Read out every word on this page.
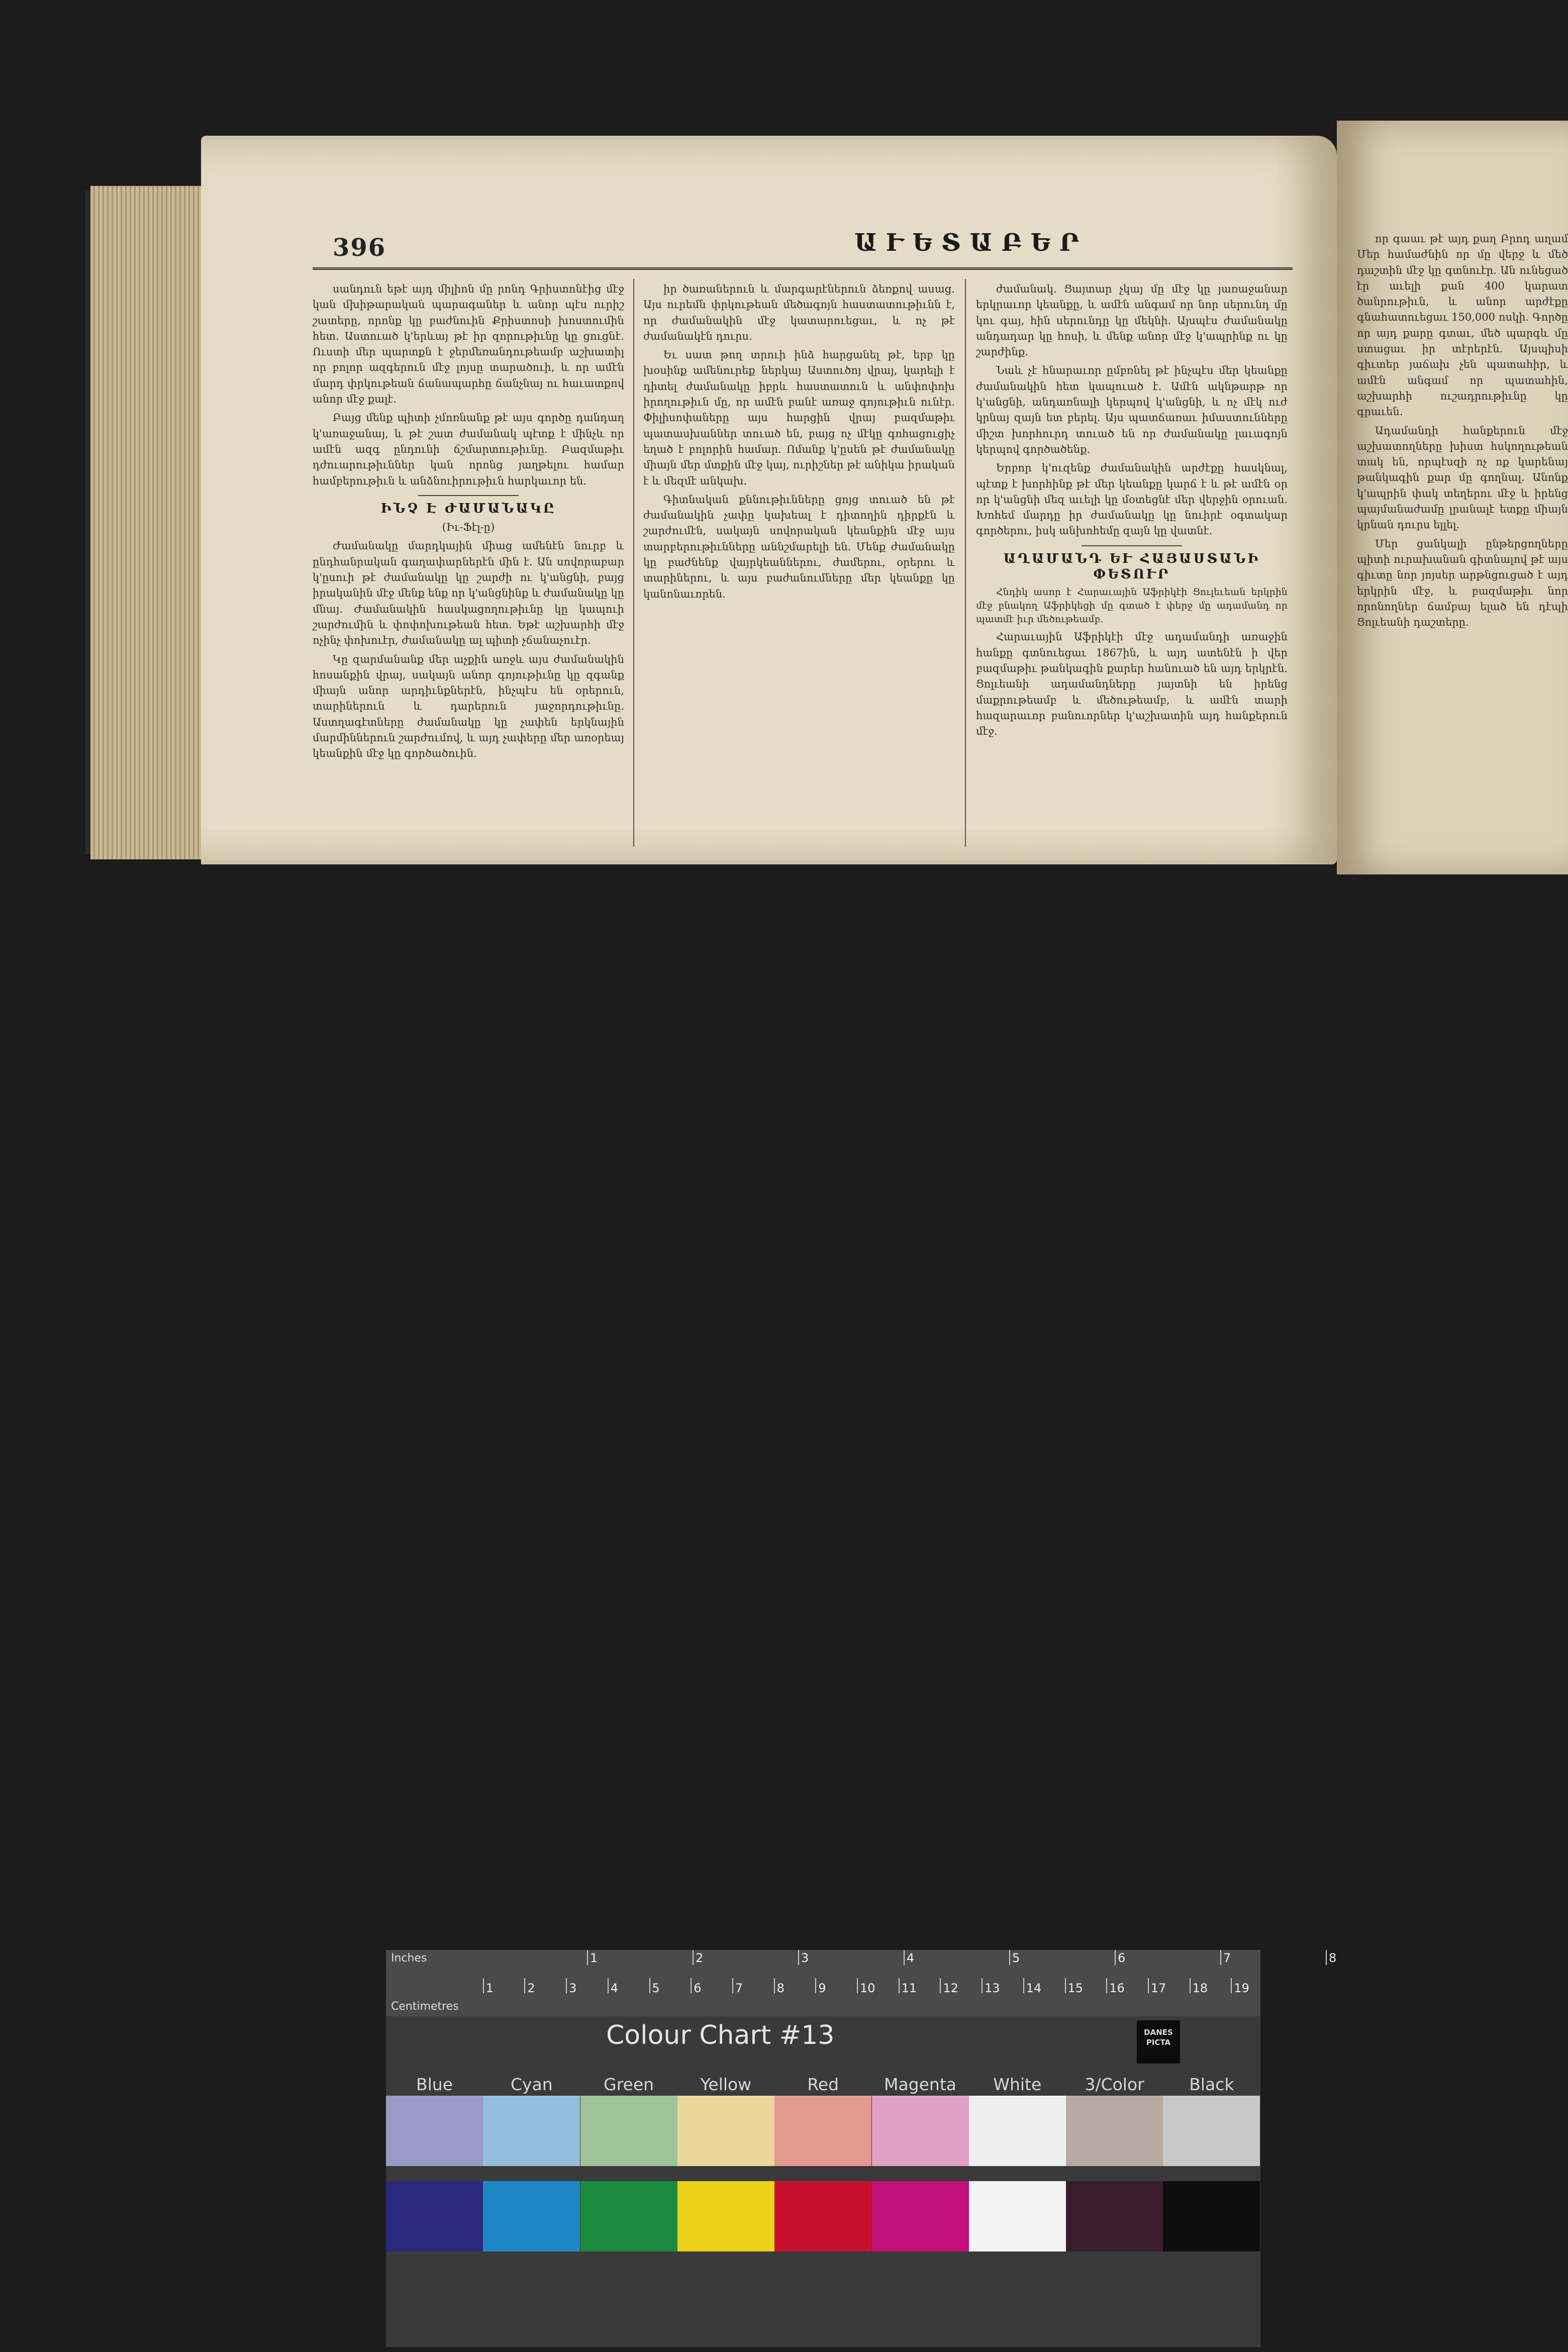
396	ԱՒԵՏԱԲԵՐ

սանդուն եթէ այդ միլիոն մը րոնդ Գրիստոնէից մէջ կան մխիթարական պարագաներ և անոր պէս ուրիշ շատերը, որոնք կը բաժնուին Քրիստոսի խոստումին հետ. Աստուած կ'երևայ թէ իր զորութիւնը կը ցուցնէ. Ուստի մեր պարտքն է ջերմեռանդութեամբ աշխատիլ որ բոլոր ազգերուն մէջ լոյսը տարածուի, և որ ամէն մարդ փրկութեան ճանապարհը ճանչնայ ու հաւատքով անոր մէջ քալէ.

Բայց մենք պիտի չմոռնանք թէ այս գործը դանդաղ կ'առաջանայ, և թէ շատ ժամանակ պէտք է մինչև որ ամէն ազգ ընդունի ճշմարտութիւնը. Բազմաթիւ դժուարութիւններ կան որոնց յաղթելու համար համբերութիւն և անձնուիրութիւն հարկաւոր են.

ԻՆՉ Է ԺԱՄԱՆԱԿԸ

(Իւ-Ֆէլ-ը)

Ժամանակը մարդկային միաց ամենէն նուրբ և ընդհանրական գաղափարներէն մին է. Ան սովորաբար կ'ըսուի թէ ժամանակը կը շարժի ու կ'անցնի, բայց իրականին մէջ մենք ենք որ կ'անցնինք և ժամանակը կը մնայ. Ժամանակին հասկացողութիւնը կը կապուի շարժումին և փոփոխութեան հետ. Եթէ աշխարհի մէջ ոչինչ փոխուէր, ժամանակը ալ պիտի չճանաչուէր.

Կը զարմանանք մեր աչքին առջև այս ժամանակին հոսանքին վրայ, սակայն անոր գոյութիւնը կը զգանք միայն անոր արդիւնքներէն, ինչպէս են օրերուն, տարիներուն և դարերուն յաջորդութիւնը. Աստղագէտները ժամանակը կը չափեն երկնային մարմիններուն շարժումով, և այդ չափերը մեր առօրեայ կեանքին մէջ կը գործածուին.

իր ծառաներուն և մարգարէներուն ձեռքով ասաց. Այս ուրեմն փրկութեան մեծագոյն հաստատութիւնն է, որ ժամանակին մէջ կատարուեցաւ, և ոչ թէ ժամանակէն դուրս.

Եւ սատ թող տրուի ինձ հարցանել թէ, երբ կը խօսինք ամենուրեք ներկայ Աստուծոյ վրայ, կարելի է դիտել ժամանակը իբրև հաստատուն և անփոփոխ իրողութիւն մը, որ ամէն բանէ առաջ գոյութիւն ունէր. Փիլիսոփաները այս հարցին վրայ բազմաթիւ պատասխաններ տուած են, բայց ոչ մէկը գոհացուցիչ եղած է բոլորին համար. Ոմանք կ'ըսեն թէ ժամանակը միայն մեր մտքին մէջ կայ, ուրիշներ թէ անիկա իրական է և մեզմէ անկախ.

Գիտնական քննութիւնները ցոյց տուած են թէ ժամանակին չափը կախեալ է դիտողին դիրքէն և շարժումէն, սակայն սովորական կեանքին մէջ այս տարբերութիւնները աննշմարելի են. Մենք ժամանակը կը բաժնենք վայրկեաններու, ժամերու, օրերու և տարիներու, և այս բաժանումները մեր կեանքը կը կանոնաւորեն.

ժամանակ. Ցայտար չկայ մը մէջ կը յառաջանար երկրաւոր կեանքը, և ամէն անգամ որ նոր սերունդ մը կու գայ, հին սերունդը կը մեկնի. Այսպէս ժամանակը անդադար կը հոսի, և մենք անոր մէջ կ'ապրինք ու կը շարժինք.

Նաև չէ հնարաւոր ըմբռնել թէ ինչպէս մեր կեանքը ժամանակին հետ կապուած է. Ամէն ակնթարթ որ կ'անցնի, անդառնալի կերպով կ'անցնի, և ոչ մէկ ուժ կրնայ զայն ետ բերել. Այս պատճառաւ իմաստունները միշտ խորհուրդ տուած են որ ժամանակը լաւագոյն կերպով գործածենք.

Երբոր կ'ուզենք ժամանակին արժէքը հասկնալ, պէտք է խորհինք թէ մեր կեանքը կարճ է և թէ ամէն օր որ կ'անցնի մեզ աւելի կը մօտեցնէ մեր վերջին օրուան. Խոհեմ մարդը իր ժամանակը կը նուիրէ օգտակար գործերու, իսկ անխոհեմը զայն կը վատնէ.

ԱՂԱՄԱՆԴ ԵՒ ՀԱՅԱՍՏԱՆԻ ՓԵՏՈՒՐ

Հնդիկ ասոր է Հարաւային Աֆրիկէի Ցուլեւեան երկրին մէջ բնակող Աֆրիկեցի մը գտած է փերջ մը ադամանդ որ պատմէ իւր մեծութեամբ.

Հարաւային Աֆրիկէի մէջ ադամանդի առաջին հանքը գտնուեցաւ 1867ին, և այդ ատենէն ի վեր բազմաթիւ թանկագին քարեր հանուած են այդ երկրէն. Ցոլւեանի ադամանդները յայտնի են իրենց մաքրութեամբ և մեծութեամբ, և ամէն տարի հազարաւոր բանուորներ կ'աշխատին այդ հանքերուն մէջ.

որ գաաւ թէ այդ քաղ Բրոդ աղամ Մեր համաժնին որ մը վերջ և մեծ դաշտին մէջ կը գտնուէր. Ան ունեցած էր աւելի քան 400 կարատ ծանրութիւն, և անոր արժէքը գնահատուեցաւ 150,000 ոսկի. Գործը որ այդ քարը գտաւ, մեծ պարգև մը ստացաւ իր տէրերէն. Այսպիսի գիւտեր յաճախ չեն պատահիր, և ամէն անգամ որ պատահին, աշխարհի ուշադրութիւնը կը գրաւեն.

Ադամանդի հանքերուն մէջ աշխատողները խիստ հսկողութեան տակ են, որպէսզի ոչ ոք կարենայ թանկագին քար մը գողնալ. Անոնք կ'ապրին փակ տեղերու մէջ և իրենց պայմանաժամը լրանալէ ետքը միայն կրնան դուրս ելլել.

Մեր ցանկալի ընթերցողները պիտի ուրախանան գիտնալով թէ այս գիւտը նոր յոյսեր արթնցուցած է այդ երկրին մէջ, և բազմաթիւ նոր որոնողներ ճամբայ ելած են դէպի Ցոլւեանի դաշտերը.

Inches
Centimetres
1	2	3	4	5	6	7	8
1	2	3	4	5	6	7	8	9	10 11 12 13 14 15 16 17 18 19
Colour Chart #13	DANES PICTA
Blue	Cyan	Green	Yellow	Red	Magenta	White	3/Color	Black
